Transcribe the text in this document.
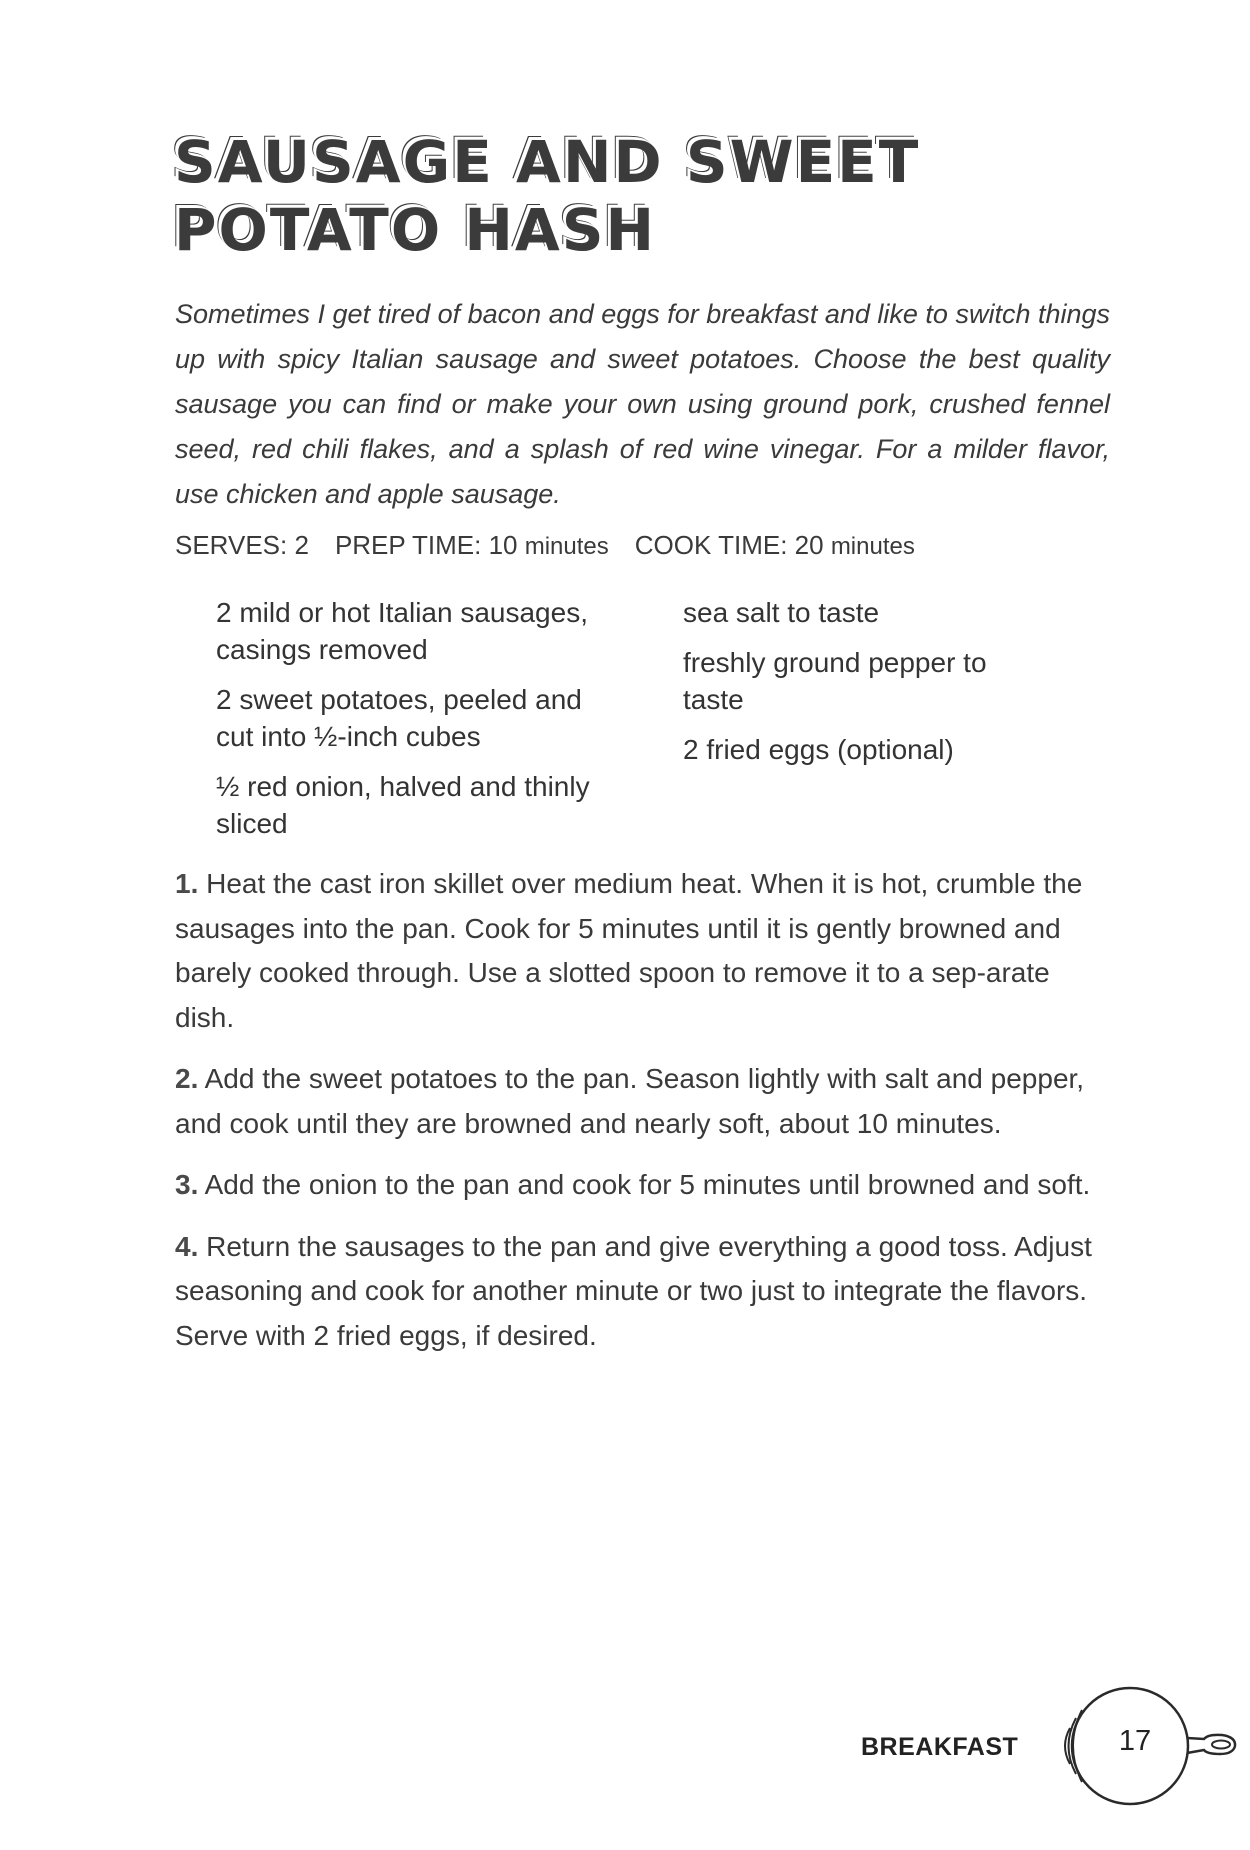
SAUSAGE AND SWEET
POTATO HASH

Sometimes I get tired of bacon and eggs for breakfast and like to switch things up with spicy Italian sausage and sweet potatoes. Choose the best quality sausage you can find or make your own using ground pork, crushed fennel seed, red chili flakes, and a splash of red wine vinegar. For a milder flavor, use chicken and apple sausage.

SERVES: 2 PREP TIME: 10 minutes COOK TIME: 20 minutes
2 mild or hot Italian sausages, casings removed
2 sweet potatoes, peeled and cut into ½-inch cubes
½ red onion, halved and thinly sliced
sea salt to taste
freshly ground pepper to taste
2 fried eggs (optional)

1. Heat the cast iron skillet over medium heat. When it is hot, crumble the sausages into the pan. Cook for 5 minutes until it is gently browned and barely cooked through. Use a slotted spoon to remove it to a sep-arate dish.

2. Add the sweet potatoes to the pan. Season lightly with salt and pepper, and cook until they are browned and nearly soft, about 10 minutes.

3. Add the onion to the pan and cook for 5 minutes until browned and soft.

4. Return the sausages to the pan and give everything a good toss. Adjust seasoning and cook for another minute or two just to integrate the flavors. Serve with 2 fried eggs, if desired.

BREAKFAST	17
